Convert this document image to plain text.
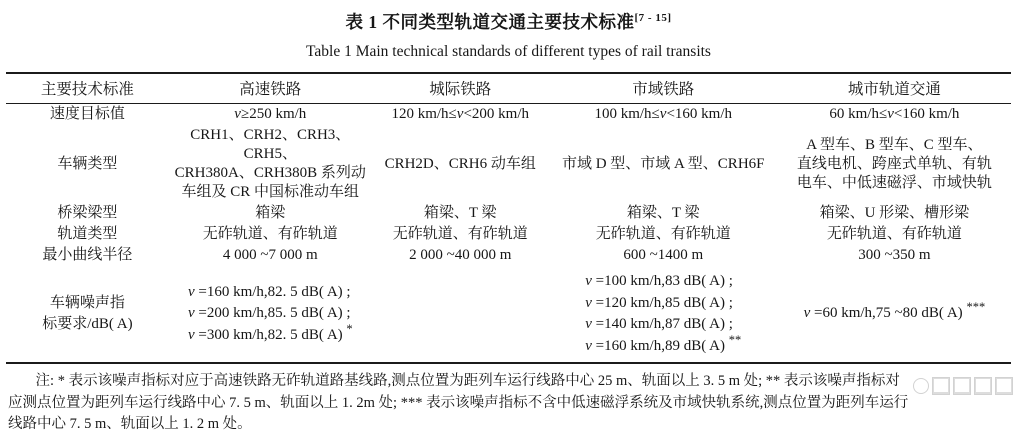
表 1 不同类型轨道交通主要技术标准[7 - 15]
Table 1 Main technical standards of different types of rail transits
主要技术标准	高速铁路	城际铁路	市域铁路	城市轨道交通
速度目标值	v≥250 km/h	120 km/h≤v<200 km/h	100 km/h≤v<160 km/h	60 km/h≤v<160 km/h

车辆类型	CRH1、CRH2、CRH3、CRH5、
CRH380A、CRH380B 系列动
车组及 CR 中国标准动车组	CRH2D、CRH6 动车组	市域 D 型、市域 A 型、CRH6F	A 型车、B 型车、C 型车、
直线电机、跨座式单轨、有轨
电车、中低速磁浮、市域快轨

桥梁梁型	箱梁	箱梁、T 梁	箱梁、T 梁	箱梁、U 形梁、槽形梁

轨道类型	无砟轨道、有砟轨道	无砟轨道、有砟轨道	无砟轨道、有砟轨道	无砟轨道、有砟轨道

最小曲线半径	4 000 ~7 000 m	2 000 ~40 000 m	600 ~1400 m	300 ~350 m

车辆噪声指
标要求/dB( A)	v =160 km/h,82. 5 dB( A) ;
v =200 km/h,85. 5 dB( A) ;
v =300 km/h,82. 5 dB( A) *		v =100 km/h,83 dB( A) ;
v =120 km/h,85 dB( A) ;
v =140 km/h,87 dB( A) ;
v =160 km/h,89 dB( A) **	v =60 km/h,75 ~80 dB( A) ***
注: * 表示该噪声指标对应于高速铁路无砟轨道路基线路,测点位置为距列车运行线路中心 25 m、轨面以上 3. 5 m 处; ** 表示该噪声指标对
应测点位置为距列车运行线路中心 7. 5 m、轨面以上 1. 2m 处; *** 表示该噪声指标不含中低速磁浮系统及市域快轨系统,测点位置为距列车运行
线路中心 7. 5 m、轨面以上 1. 2 m 处。
